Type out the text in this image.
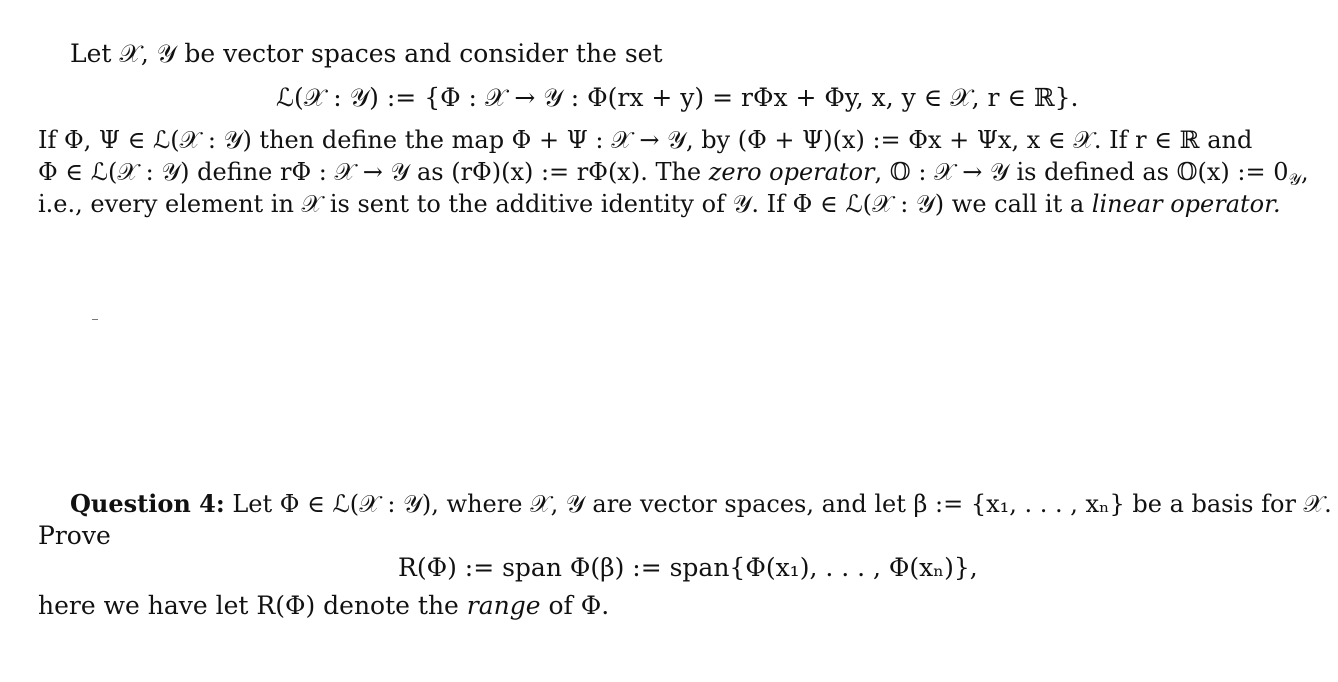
Let 𝒳, 𝒴 be vector spaces and consider the set
ℒ(𝒳 : 𝒴) := {Φ : 𝒳 → 𝒴 : Φ(rx + y) = rΦx + Φy, x, y ∈ 𝒳, r ∈ ℝ}.
If Φ, Ψ ∈ ℒ(𝒳 : 𝒴) then define the map Φ + Ψ : 𝒳 → 𝒴, by (Φ + Ψ)(x) := Φx + Ψx, x ∈ 𝒳. If r ∈ ℝ and
Φ ∈ ℒ(𝒳 : 𝒴) define rΦ : 𝒳 → 𝒴 as (rΦ)(x) := rΦ(x). The zero operator, 𝕆 : 𝒳 → 𝒴 is defined as 𝕆(x) := $0_𝒴$,
i.e., every element in 𝒳 is sent to the additive identity of 𝒴. If Φ ∈ ℒ(𝒳 : 𝒴) we call it a linear operator.
Question 4: Let Φ ∈ ℒ(𝒳 : 𝒴), where 𝒳, 𝒴 are vector spaces, and let β := {x₁, . . . , xₙ} be a basis for 𝒳.
Prove
R(Φ) := span Φ(β) := span{Φ(x₁), . . . , Φ(xₙ)},
here we have let R(Φ) denote the range of Φ.
